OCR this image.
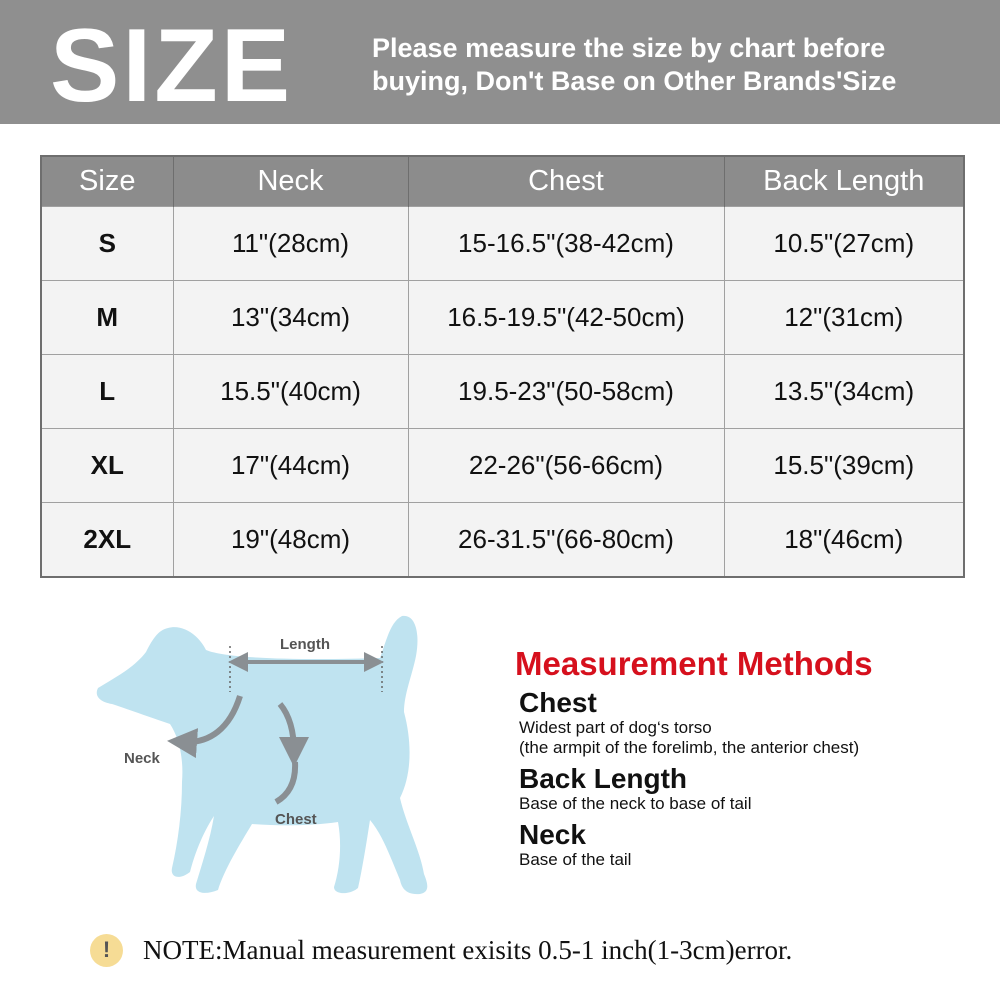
SIZE	Please measure the size by chart before
buying, Don't Base on Other Brands'Size
Size	Neck	Chest	Back Length
S	11"(28cm)	15-16.5"(38-42cm)	10.5"(27cm)
M	13"(34cm)	16.5-19.5"(42-50cm)	12"(31cm)
L	15.5"(40cm)	19.5-23"(50-58cm)	13.5"(34cm)
XL	17"(44cm)	22-26"(56-66cm)	15.5"(39cm)
2XL	19"(48cm)	26-31.5"(66-80cm)	18"(46cm)
Length
Neck
Chest
Measurement Methods
Chest
Widest part of dog‘s torso
(the armpit of the forelimb, the anterior chest)
Back Length
Base of the neck to base of tail
Neck
Base of the tail
!	NOTE:Manual measurement exisits 0.5-1 inch(1-3cm)error.
